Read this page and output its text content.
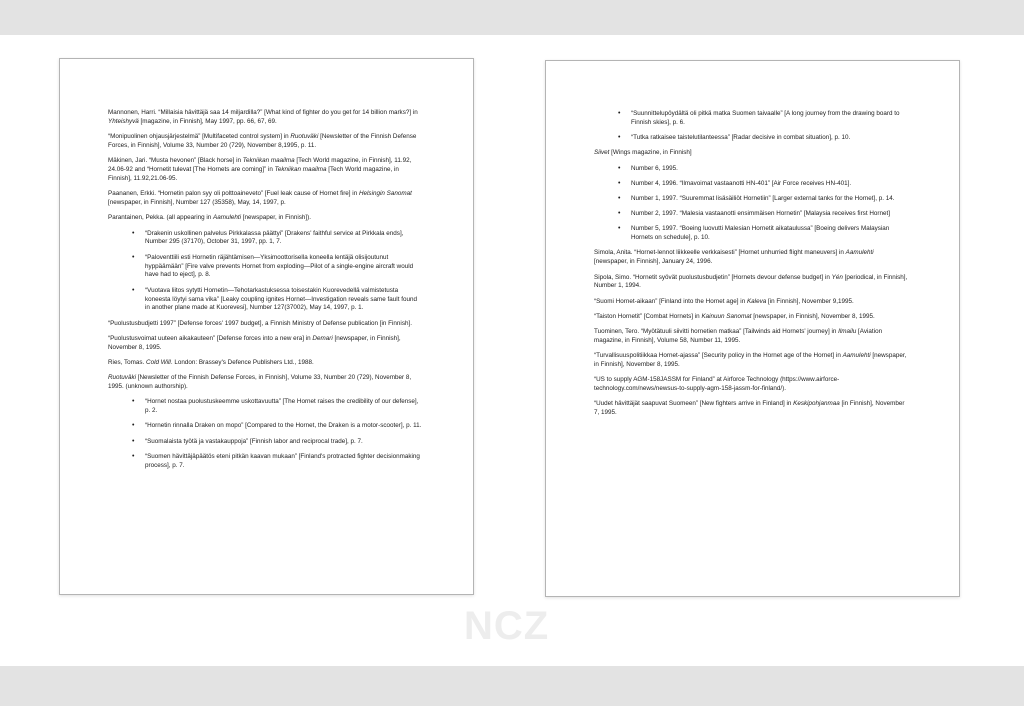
Mannonen, Harri. “Millaisia hävittäjä saa 14 miljardilla?” [What kind of fighter do you get for 14 billion marks?] in Yhteishyvä [magazine, in Finnish], May 1997, pp. 66, 67, 69.
“Monipuolinen ohjausjärjestelmä” [Multifaceted control system] in Ruotuväki [Newsletter of the Finnish Defense Forces, in Finnish], Volume 33, Number 20 (729), November 8,1995, p. 11.
Mäkinen, Jari. “Musta hevonen” [Black horse] in Tekniikan maailma [Tech World magazine, in Finnish], 11.92, 24.06-92 and “Hornetit tulevat [The Hornets are coming]” in Tekniikan maailma [Tech World magazine, in Finnish], 11.92,21.06-95.
Paananen, Erkki. “Hornetin palon syy oli polttoaineveto” [Fuel leak cause of Hornet fire] in Helsingin Sanomat [newspaper, in Finnish], Number 127 (35358), May, 14, 1997, p.
Parantainen, Pekka. (all appearing in Aamulehti [newspaper, in Finnish]).
• “Drakenin uskollinen palvelus Pirkkalassa päättyi” [Drakens' faithful service at Pirkkala ends], Number 295 (37170), October 31, 1997, pp. 1, 7.
• “Paloventtiili esti Hornetin räjähtämisen—Yksimoottorisella koneella lentäjä olisijoutunut hyppäämään” [Fire valve prevents Hornet from exploding—Pilot of a single-engine aircraft would have had to eject], p. 8.
• “Vuotava liitos sytytti Hornetin—Tehotarkastuksessa toisestakin Kuorevedellä valmistetusta koneesta löytyi sama vika” [Leaky coupling ignites Hornet—Investigation reveals same fault found in another plane made at Kuorevesi], Number 127(37002), May 14, 1997, p. 1.
“Puolustusbudjetti 1997” [Defense forces' 1997 budget], a Finnish Ministry of Defense publication [in Finnish].
“Puolustusvoimat uuteen aikakauteen” [Defense forces into a new era] in Demari [newspaper, in Finnish], November 8, 1995.
Ries, Tomas. Cold Will. London: Brassey's Defence Publishers Ltd., 1988.
Ruotuväki [Newsletter of the Finnish Defense Forces, in Finnish], Volume 33, Number 20 (729), November 8, 1995. (unknown authorship).
• “Hornet nostaa puolustuskeemme uskottavuutta” [The Hornet raises the credibility of our defense], p. 2.
• “Hornetin rinnalla Draken on mopo” [Compared to the Hornet, the Draken is a motor-scooter], p. 11.
• “Suomalaista työtä ja vastakauppoja” [Finnish labor and reciprocal trade], p. 7.
• “Suomen hävittäjäpäätös eteni pitkän kaavan mukaan” [Finland's protracted fighter decisionmaking process], p. 7.
• “Suunnittelupöydältä oli pitkä matka Suomen taivaalle” [A long journey from the drawing board to Finnish skies], p. 6.
• “Tutka ratkaisee taistelutilanteessa” [Radar decisive in combat situation], p. 10.
Siivet [Wings magazine, in Finnish]
• Number 6, 1995.
• Number 4, 1996. “Ilmavoimat vastaanotti HN-401” [Air Force receives HN-401].
• Number 1, 1997. “Suuremmat lisäsäiliöt Hornetiin” [Larger external tanks for the Hornet], p. 14.
• Number 2, 1997. “Malesia vastaanotti ensimmäisen Hornetin” [Malaysia receives first Hornet]
• Number 5, 1997. “Boeing luovutti Malesian Hornetit aikataulussa” [Boeing delivers Malaysian Hornets on schedule], p. 10.
Simola, Anita. “Hornet-lennot liikkeelle verkkaisesti” [Hornet unhurried flight maneuvers] in Aamulehti [newspaper, in Finnish], January 24, 1996.
Sipola, Simo. “Hornetit syövät puolustusbudjetin” [Hornets devour defense budget] in Yén [periodical, in Finnish], Number 1, 1994.
“Suomi Hornet-aikaan” [Finland into the Hornet age] in Kaleva [in Finnish], November 9,1995.
“Taiston Hornetit” [Combat Hornets] in Kainuun Sanomat [newspaper, in Finnish], November 8, 1995.
Tuominen, Tero. “Myötätuuli siivitti hornetien matkaa” [Tailwinds aid Hornets' journey] in Ilmailu [Aviation magazine, in Finnish], Volume 58, Number 11, 1995.
“Turvallisuuspolitiikkaa Hornet-ajassa” [Security policy in the Hornet age of the Hornet] in Aamulehti [newspaper, in Finnish], November 8, 1995.
“US to supply AGM-158JASSM for Finland” at Airforce Technology (https://www.airforce-technology.com/news/newsus-to-supply-agm-158-jassm-for-finland/).
“Uudet hävittäjät saapuvat Suomeen” [New fighters arrive in Finland] in Keskipohjanmaa [in Finnish], November 7, 1995.
NCZ
